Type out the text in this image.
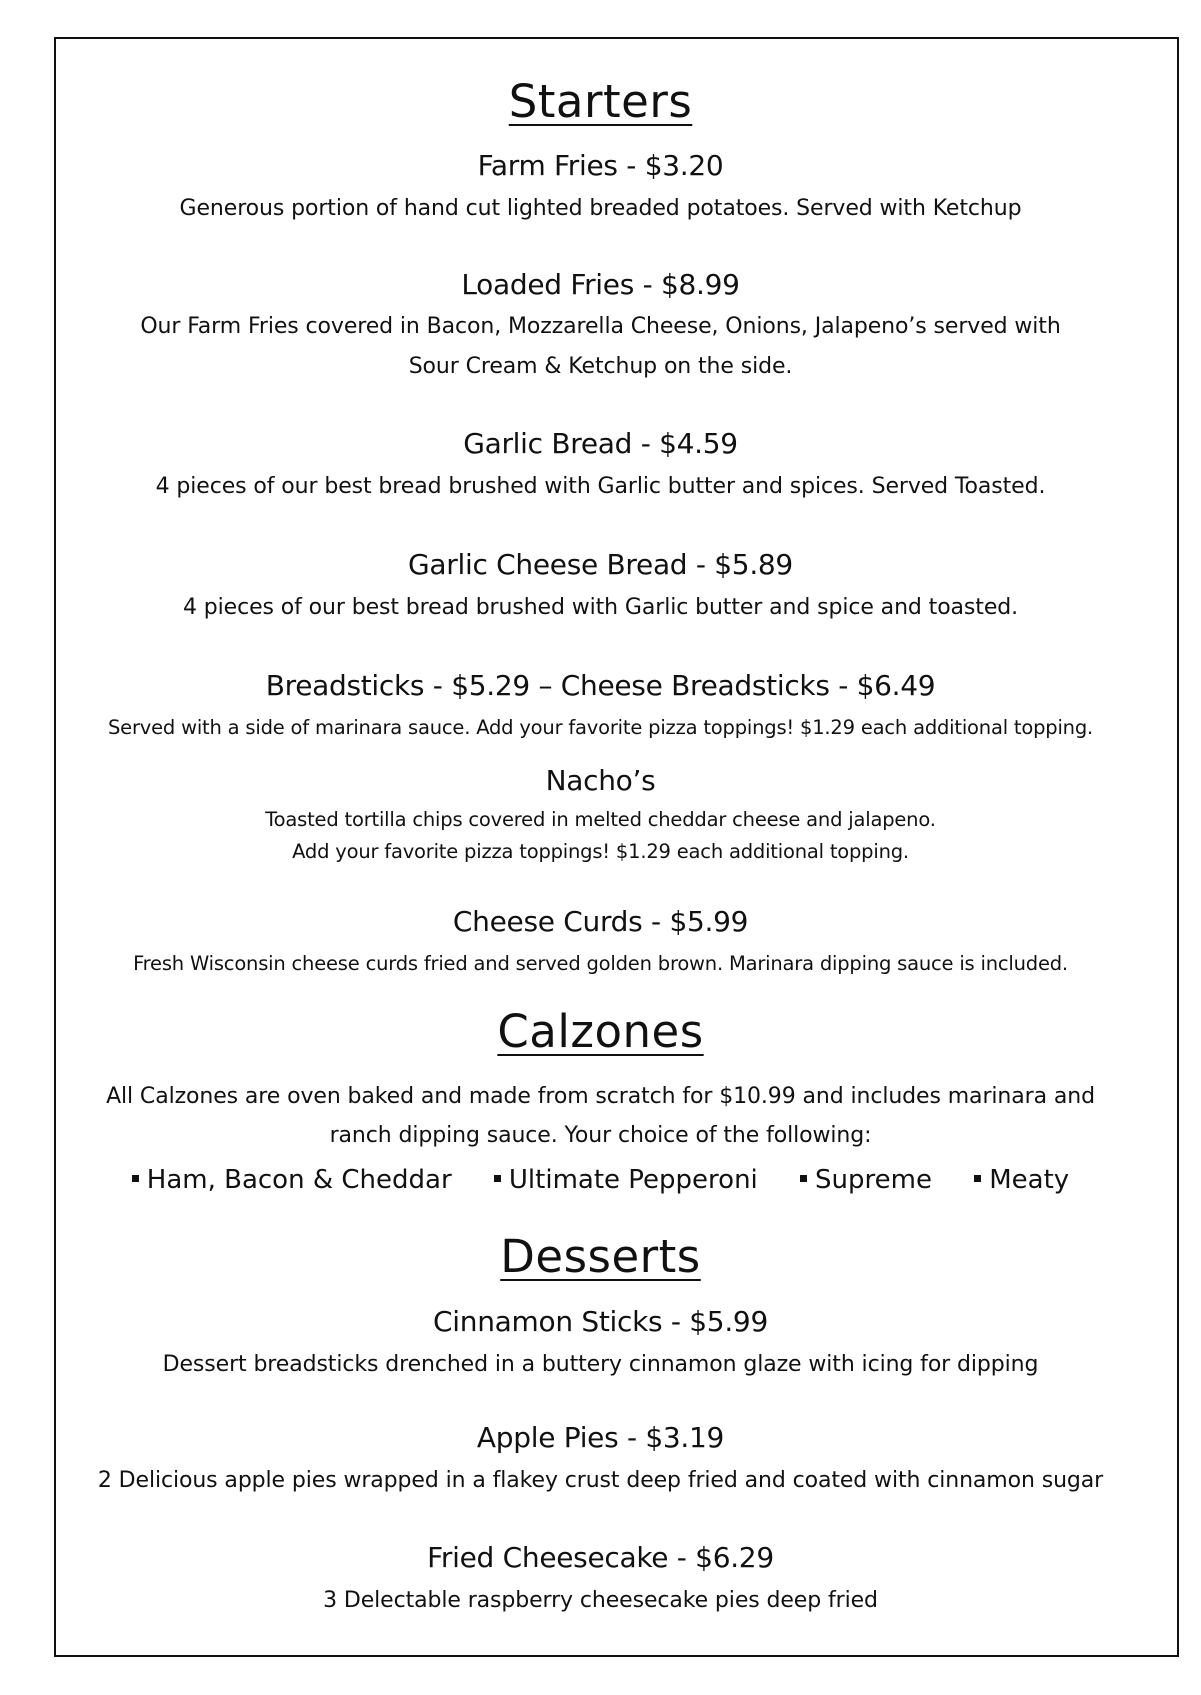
Starters
Farm Fries - $3.20
Generous portion of hand cut lighted breaded potatoes. Served with Ketchup
Loaded Fries - $8.99
Our Farm Fries covered in Bacon, Mozzarella Cheese, Onions, Jalapeno’s served with
Sour Cream & Ketchup on the side.
Garlic Bread - $4.59
4 pieces of our best bread brushed with Garlic butter and spices. Served Toasted.
Garlic Cheese Bread - $5.89
4 pieces of our best bread brushed with Garlic butter and spice and toasted.
Breadsticks - $5.29 – Cheese Breadsticks - $6.49
Served with a side of marinara sauce. Add your favorite pizza toppings! $1.29 each additional topping.
Nacho’s
Toasted tortilla chips covered in melted cheddar cheese and jalapeno.
Add your favorite pizza toppings! $1.29 each additional topping.
Cheese Curds - $5.99
Fresh Wisconsin cheese curds fried and served golden brown. Marinara dipping sauce is included.
Calzones
All Calzones are oven baked and made from scratch for $10.99 and includes marinara and
ranch dipping sauce. Your choice of the following:
Ham, Bacon & Cheddar Ultimate Pepperoni Supreme Meaty
Desserts
Cinnamon Sticks - $5.99
Dessert breadsticks drenched in a buttery cinnamon glaze with icing for dipping
Apple Pies - $3.19
2 Delicious apple pies wrapped in a flakey crust deep fried and coated with cinnamon sugar
Fried Cheesecake - $6.29
3 Delectable raspberry cheesecake pies deep fried
